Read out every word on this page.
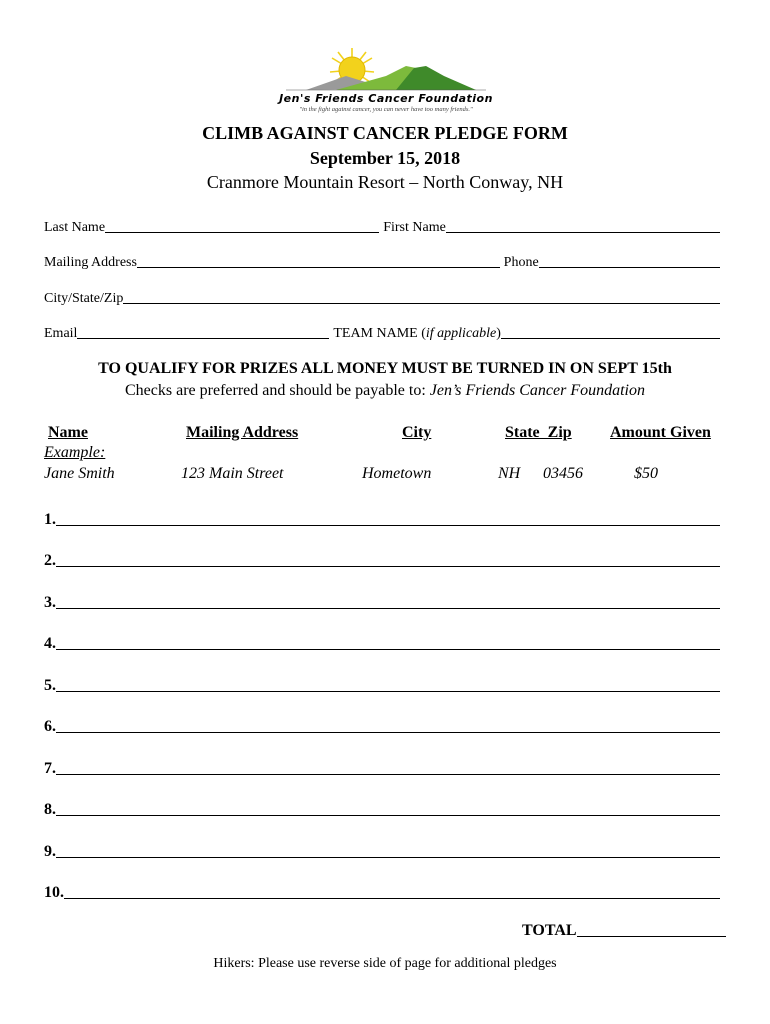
Jen's Friends Cancer Foundation
"in the fight against cancer, you can never have too many friends."
CLIMB AGAINST CANCER PLEDGE FORM
September 15, 2018
Cranmore Mountain Resort – North Conway, NH
Last Name	First Name
Mailing Address	Phone
City/State/Zip
Email	TEAM NAME (if applicable)
TO QUALIFY FOR PRIZES ALL MONEY MUST BE TURNED IN ON SEPT 15th
Checks are preferred and should be payable to: Jen’s Friends Cancer Foundation
Name	Mailing Address	City	State  Zip Amount Given
Example:
Jane Smith	123 Main Street	Hometown	NH 03456	$50
1.
2.
3.
4.
5.
6.
7.
8.
9.
10.
TOTAL
Hikers: Please use reverse side of page for additional pledges
